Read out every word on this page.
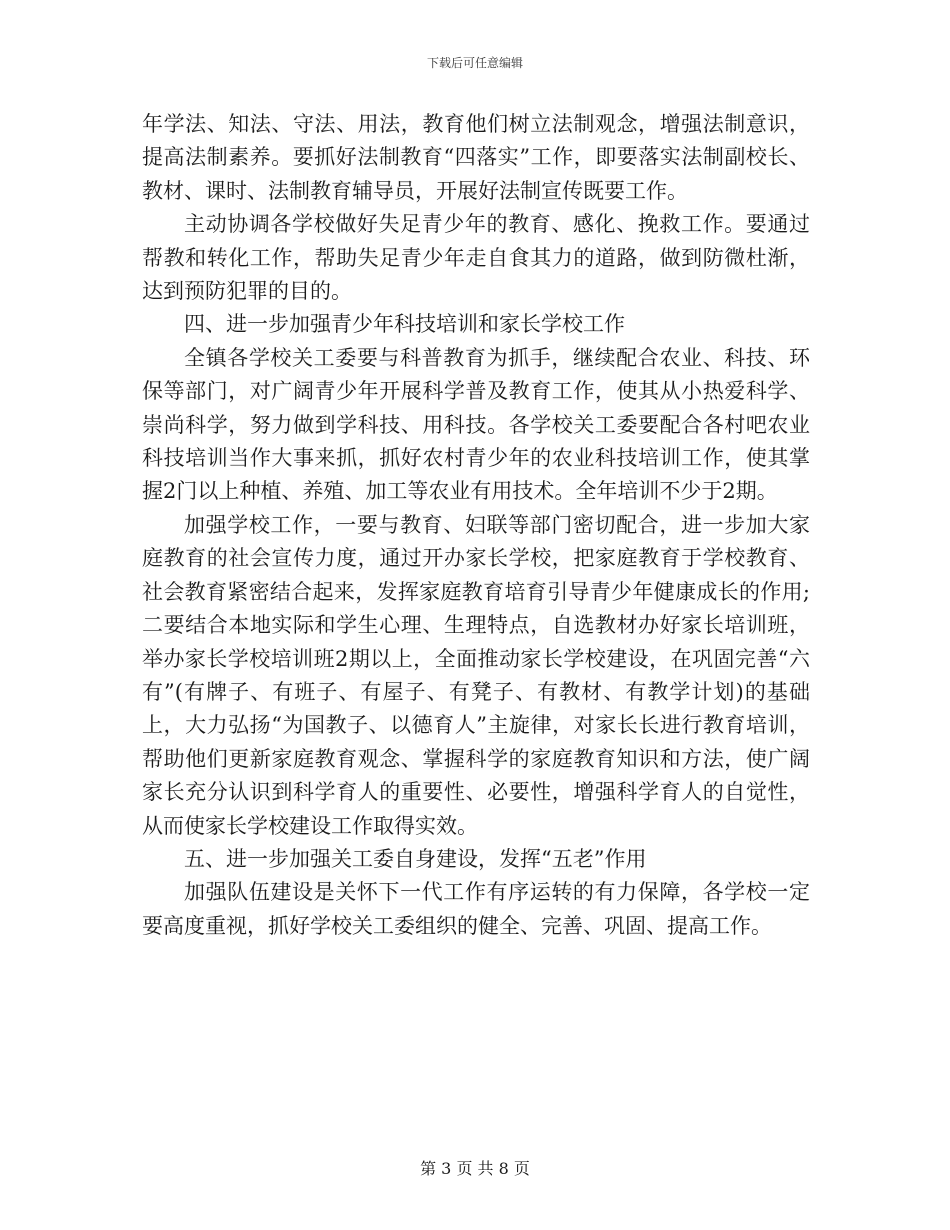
下载后可任意编辑

年学法、知法、守法、用法，教育他们树立法制观念，增强法制意识，提高法制素养。要抓好法制教育“四落实”工作，即要落实法制副校长、教材、课时、法制教育辅导员，开展好法制宣传既要工作。

主动协调各学校做好失足青少年的教育、感化、挽救工作。要通过帮教和转化工作，帮助失足青少年走自食其力的道路，做到防微杜渐，达到预防犯罪的目的。

四、进一步加强青少年科技培训和家长学校工作

全镇各学校关工委要与科普教育为抓手，继续配合农业、科技、环保等部门，对广阔青少年开展科学普及教育工作，使其从小热爱科学、崇尚科学，努力做到学科技、用科技。各学校关工委要配合各村吧农业科技培训当作大事来抓，抓好农村青少年的农业科技培训工作，使其掌握2门以上种植、养殖、加工等农业有用技术。全年培训不少于2期。

加强学校工作，一要与教育、妇联等部门密切配合，进一步加大家庭教育的社会宣传力度，通过开办家长学校，把家庭教育于学校教育、社会教育紧密结合起来，发挥家庭教育培育引导青少年健康成长的作用;二要结合本地实际和学生心理、生理特点，自选教材办好家长培训班，举办家长学校培训班2期以上，全面推动家长学校建设，在巩固完善“六有”(有牌子、有班子、有屋子、有凳子、有教材、有教学计划)的基础上，大力弘扬“为国教子、以德育人”主旋律，对家长长进行教育培训，帮助他们更新家庭教育观念、掌握科学的家庭教育知识和方法，使广阔家长充分认识到科学育人的重要性、必要性，增强科学育人的自觉性，从而使家长学校建设工作取得实效。

五、进一步加强关工委自身建设，发挥“五老”作用

加强队伍建设是关怀下一代工作有序运转的有力保障，各学校一定要高度重视，抓好学校关工委组织的健全、完善、巩固、提高工作。

第 3 页 共 8 页
